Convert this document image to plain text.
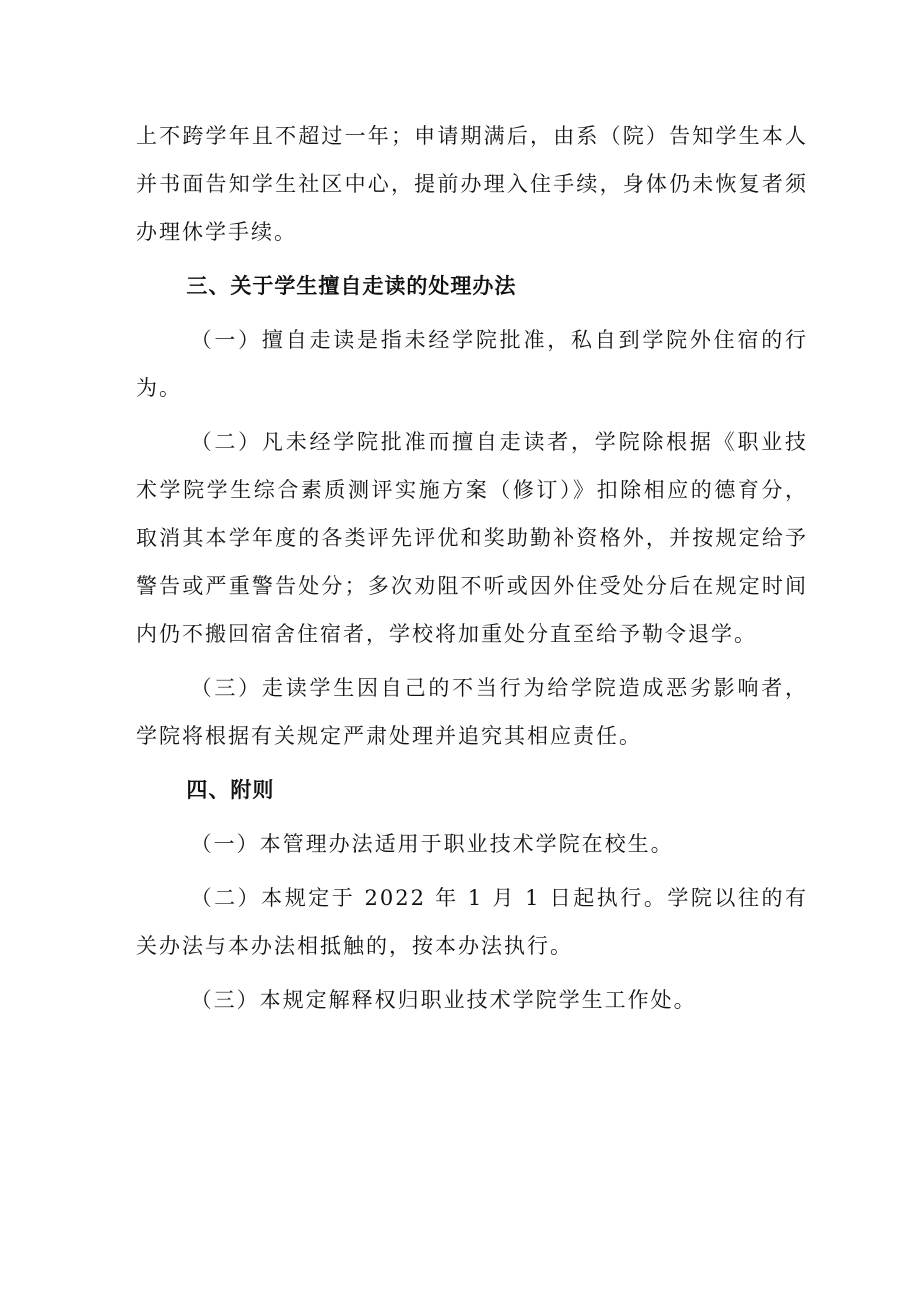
上不跨学年且不超过一年；申请期满后，由系（院）告知学生本人并书面告知学生社区中心，提前办理入住手续，身体仍未恢复者须办理休学手续。

三、关于学生擅自走读的处理办法

（一）擅自走读是指未经学院批准，私自到学院外住宿的行为。

（二）凡未经学院批准而擅自走读者，学院除根据《职业技术学院学生综合素质测评实施方案（修订）》扣除相应的德育分，取消其本学年度的各类评先评优和奖助勤补资格外，并按规定给予警告或严重警告处分；多次劝阻不听或因外住受处分后在规定时间内仍不搬回宿舍住宿者，学校将加重处分直至给予勒令退学。

（三）走读学生因自己的不当行为给学院造成恶劣影响者，学院将根据有关规定严肃处理并追究其相应责任。

四、附则

（一）本管理办法适用于职业技术学院在校生。

（二）本规定于 2022 年 1 月 1 日起执行。学院以往的有关办法与本办法相抵触的，按本办法执行。

（三）本规定解释权归职业技术学院学生工作处。
